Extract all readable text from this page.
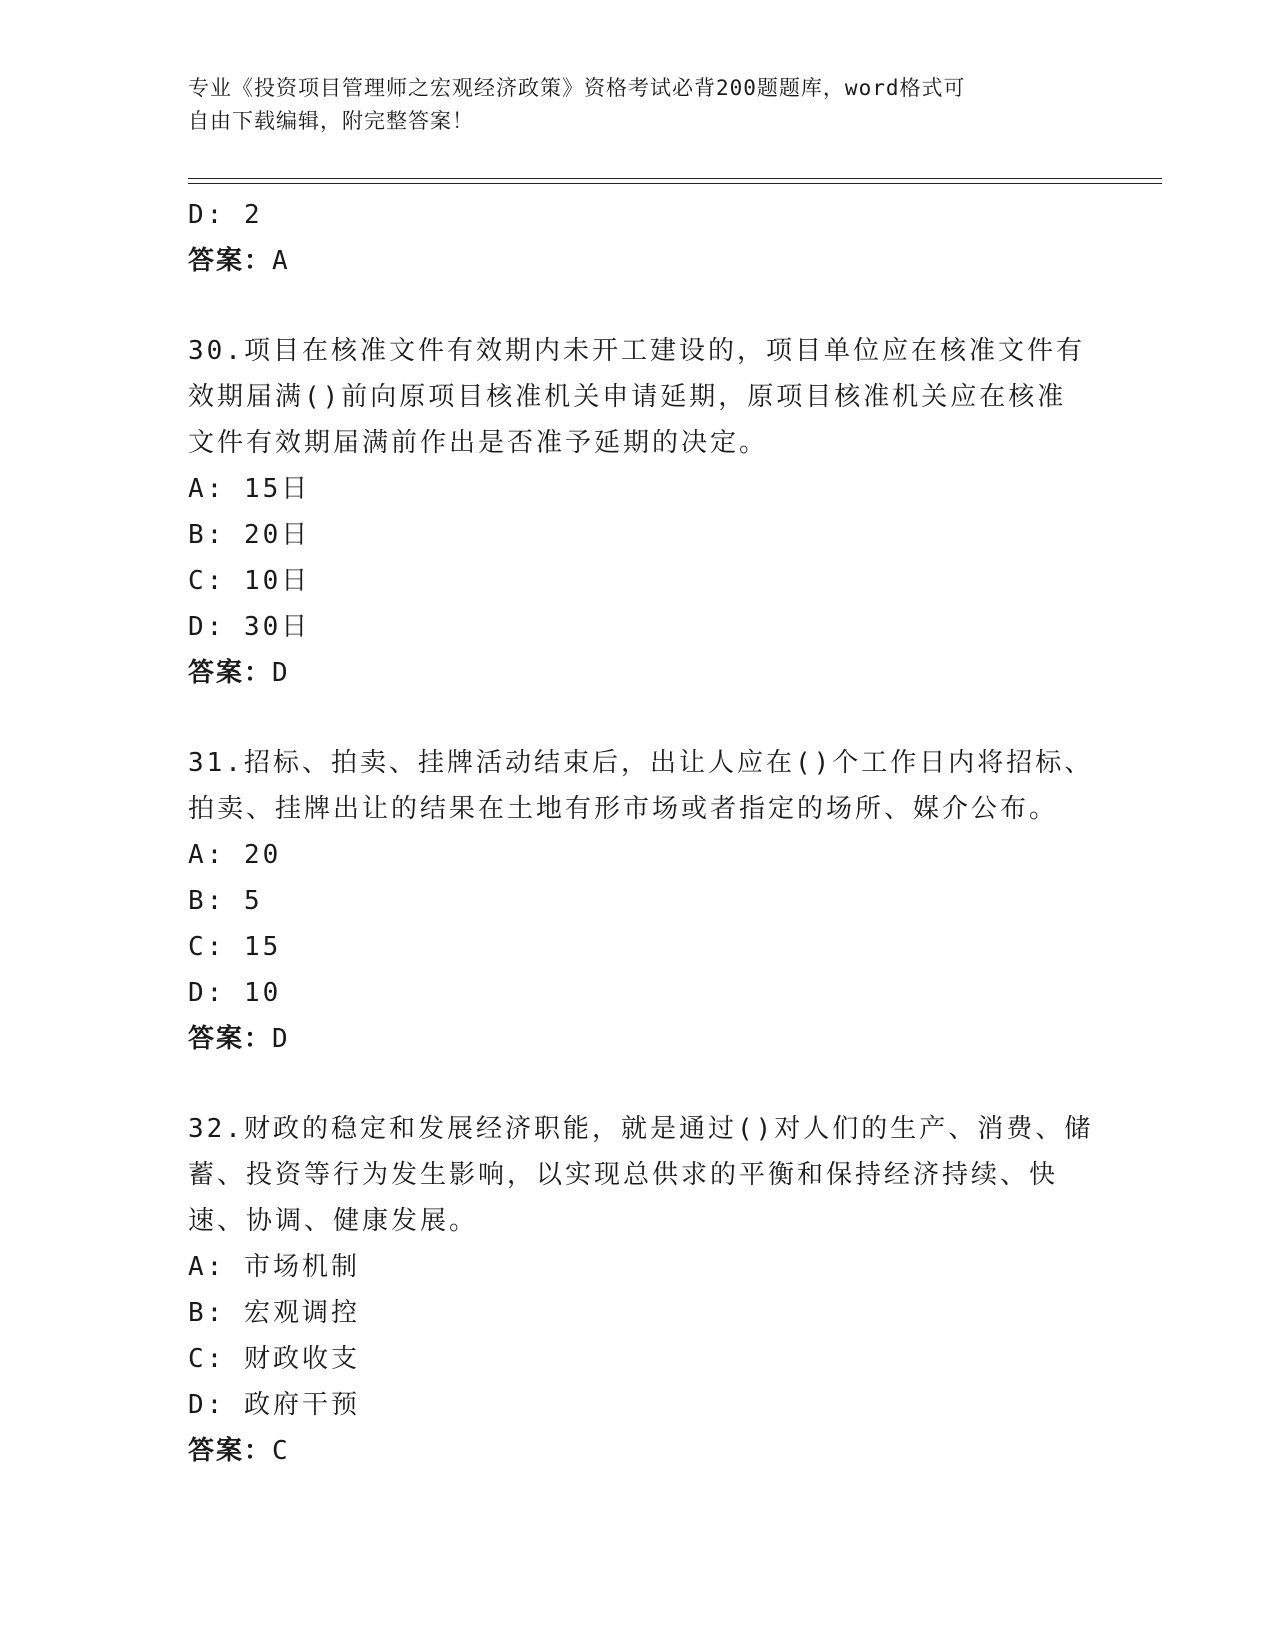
专业《投资项目管理师之宏观经济政策》资格考试必背200题题库，word格式可
自由下载编辑，附完整答案！
D: 2
答案：A
30.项目在核准文件有效期内未开工建设的，项目单位应在核准文件有
效期届满()前向原项目核准机关申请延期，原项目核准机关应在核准
文件有效期届满前作出是否准予延期的决定。
A: 15日
B: 20日
C: 10日
D: 30日
答案：D
31.招标、拍卖、挂牌活动结束后，出让人应在()个工作日内将招标、
拍卖、挂牌出让的结果在土地有形市场或者指定的场所、媒介公布。
A: 20
B: 5
C: 15
D: 10
答案：D
32.财政的稳定和发展经济职能，就是通过()对人们的生产、消费、储
蓄、投资等行为发生影响，以实现总供求的平衡和保持经济持续、快
速、协调、健康发展。
A: 市场机制
B: 宏观调控
C: 财政收支
D: 政府干预
答案：C
